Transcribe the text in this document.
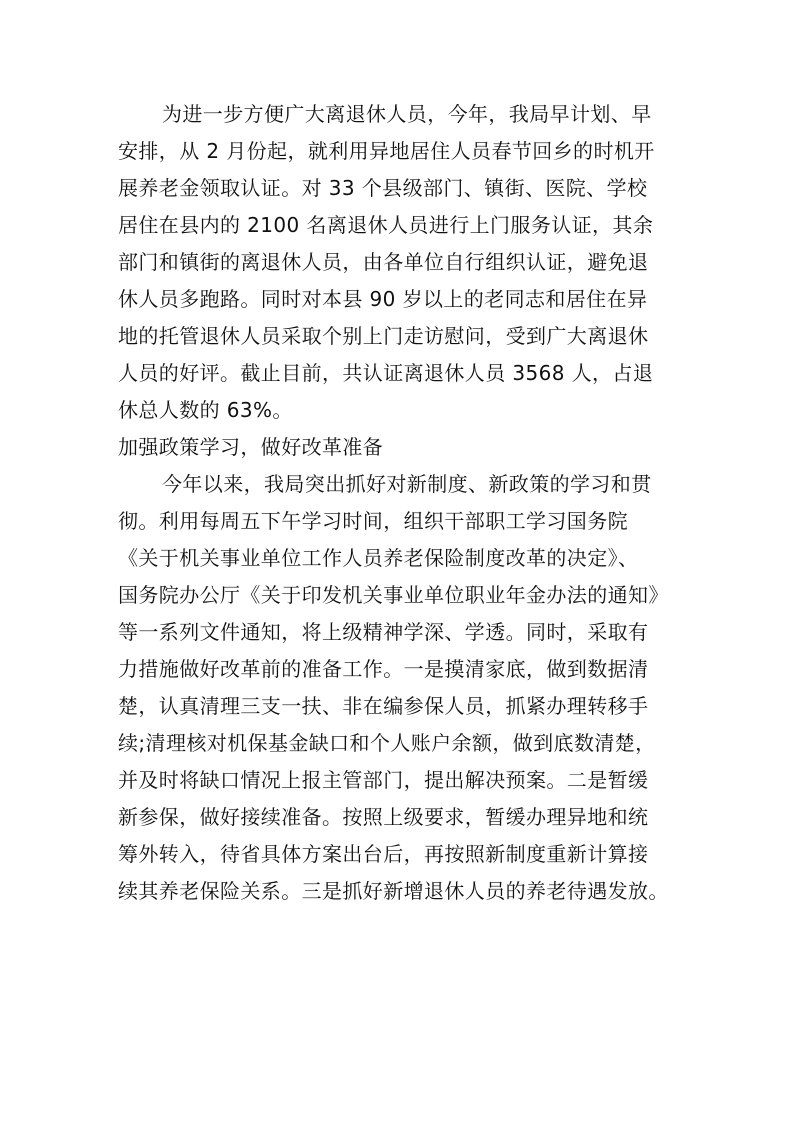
为进一步方便广大离退休人员，今年，我局早计划、早
安排，从 2 月份起，就利用异地居住人员春节回乡的时机开
展养老金领取认证。对 33 个县级部门、镇街、医院、学校
居住在县内的 2100 名离退休人员进行上门服务认证，其余
部门和镇街的离退休人员，由各单位自行组织认证，避免退
休人员多跑路。同时对本县 90 岁以上的老同志和居住在异
地的托管退休人员采取个别上门走访慰问，受到广大离退休
人员的好评。截止目前，共认证离退休人员 3568 人，占退
休总人数的 63%。
加强政策学习，做好改革准备
今年以来，我局突出抓好对新制度、新政策的学习和贯
彻。利用每周五下午学习时间，组织干部职工学习国务院
《关于机关事业单位工作人员养老保险制度改革的决定》、
国务院办公厅《关于印发机关事业单位职业年金办法的通知》
等一系列文件通知，将上级精神学深、学透。同时，采取有
力措施做好改革前的准备工作。一是摸清家底，做到数据清
楚，认真清理三支一扶、非在编参保人员，抓紧办理转移手
续;清理核对机保基金缺口和个人账户余额，做到底数清楚，
并及时将缺口情况上报主管部门，提出解决预案。二是暂缓
新参保，做好接续准备。按照上级要求，暂缓办理异地和统
筹外转入，待省具体方案出台后，再按照新制度重新计算接
续其养老保险关系。三是抓好新增退休人员的养老待遇发放。
